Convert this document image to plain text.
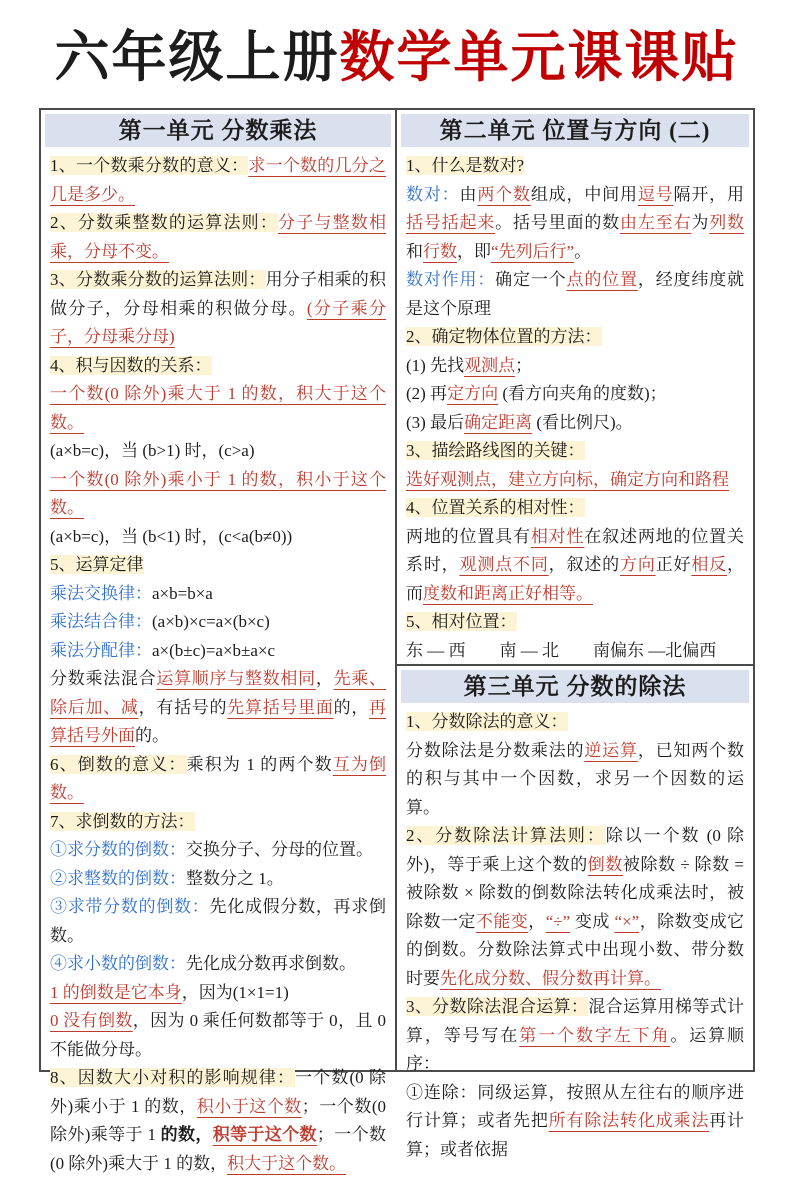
六年级上册数学单元课课贴
第一单元 分数乘法
1、一个数乘分数的意义：求一个数的几分之几是多少。
2、分数乘整数的运算法则：分子与整数相乘，分母不变。
3、分数乘分数的运算法则：用分子相乘的积做分子，分母相乘的积做分母。(分子乘分子，分母乘分母)
4、积与因数的关系：
一个数(0 除外)乘大于 1 的数，积大于这个数。
(a×b=c)，当 (b>1) 时，(c>a)
一个数(0 除外)乘小于 1 的数，积小于这个数。
(a×b=c)，当 (b<1) 时，(c<a(b≠0))
5、运算定律
乘法交换律：a×b=b×a
乘法结合律：(a×b)×c=a×(b×c)
乘法分配律：a×(b±c)=a×b±a×c
分数乘法混合运算顺序与整数相同，先乘、除后加、减，有括号的先算括号里面的，再算括号外面的。
6、倒数的意义：乘积为 1 的两个数互为倒数。
7、求倒数的方法：
①求分数的倒数：交换分子、分母的位置。
②求整数的倒数：整数分之 1。
③求带分数的倒数：先化成假分数，再求倒数。
④求小数的倒数：先化成分数再求倒数。
1 的倒数是它本身，因为(1×1=1)
0 没有倒数，因为 0 乘任何数都等于 0，且 0 不能做分母。
8、因数大小对积的影响规律：一个数(0 除外)乘小于 1 的数，积小于这个数；一个数(0 除外)乘等于 1 的数，积等于这个数；一个数(0 除外)乘大于 1 的数，积大于这个数。
第二单元 位置与方向 (二)
1、什么是数对?
数对：由两个数组成，中间用逗号隔开，用括号括起来。括号里面的数由左至右为列数和行数，即“先列后行”。
数对作用：确定一个点的位置，经度纬度就是这个原理
2、确定物体位置的方法：
(1) 先找观测点；
(2) 再定方向 (看方向夹角的度数)；
(3) 最后确定距离 (看比例尺)。
3、描绘路线图的关键：
选好观测点，建立方向标，确定方向和路程
4、位置关系的相对性：
两地的位置具有相对性在叙述两地的位置关系时，观测点不同，叙述的方向正好相反，而度数和距离正好相等。
5、相对位置：
东 — 西　　南 — 北　　南偏东 —北偏西
第三单元 分数的除法
1、分数除法的意义：
分数除法是分数乘法的逆运算，已知两个数的积与其中一个因数，求另一个因数的运算。
2、分数除法计算法则：除以一个数 (0 除外)，等于乘上这个数的倒数被除数 ÷ 除数 = 被除数 × 除数的倒数除法转化成乘法时，被除数一定不能变，“÷” 变成 “×”，除数变成它的倒数。分数除法算式中出现小数、带分数时要先化成分数、假分数再计算。
3、分数除法混合运算：混合运算用梯等式计算，等号写在第一个数字左下角。运算顺序：
①连除：同级运算，按照从左往右的顺序进行计算；或者先把所有除法转化成乘法再计算；或者依据
